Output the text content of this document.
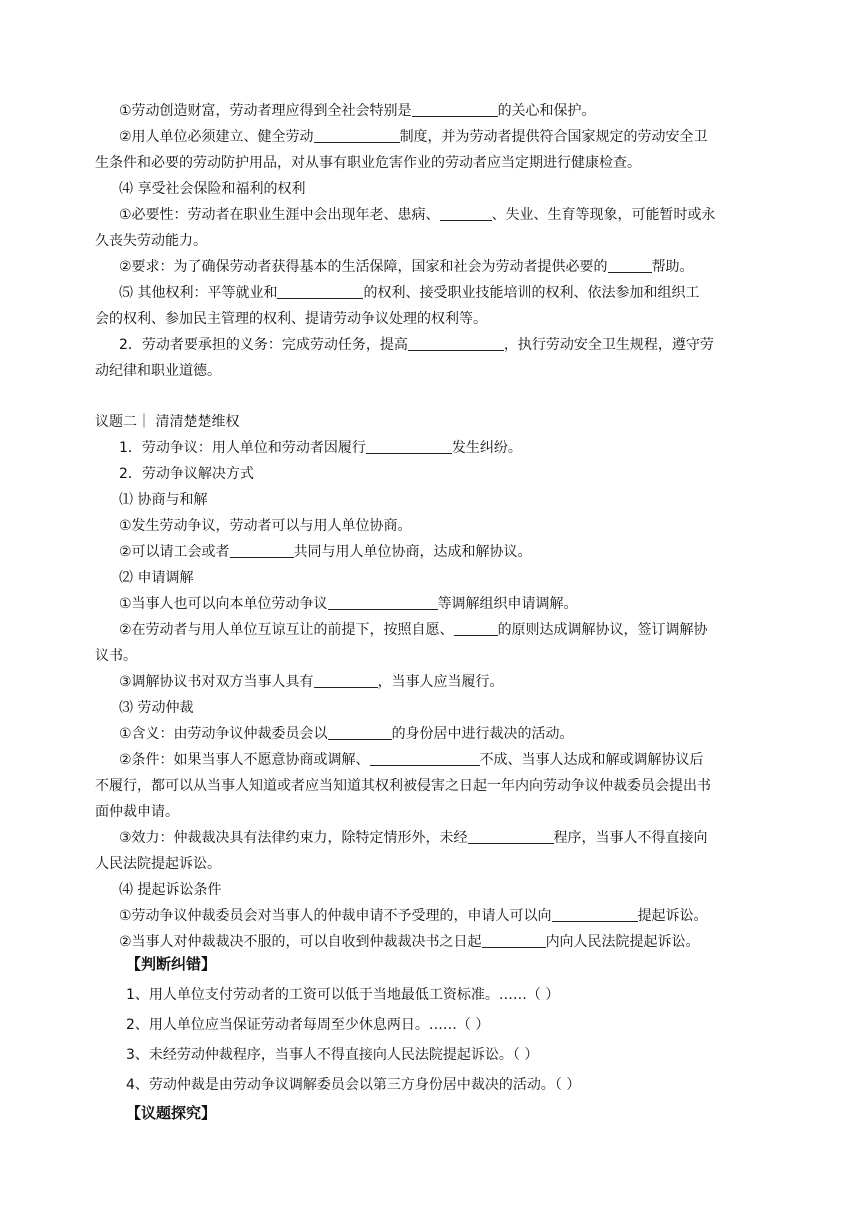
①劳动创造财富，劳动者理应得到全社会特别是	的关心和保护。
②用人单位必须建立、健全劳动	制度，并为劳动者提供符合国家规定的劳动安全卫
生条件和必要的劳动防护用品，对从事有职业危害作业的劳动者应当定期进行健康检查。
⑷ 享受社会保险和福利的权利
①必要性：劳动者在职业生涯中会出现年老、患病、	、失业、生育等现象，可能暂时或永
久丧失劳动能力。
②要求：为了确保劳动者获得基本的生活保障，国家和社会为劳动者提供必要的	帮助。
⑸ 其他权利：平等就业和	的权利、接受职业技能培训的权利、依法参加和组织工
会的权利、参加民主管理的权利、提请劳动争议处理的权利等。
2．劳动者要承担的义务：完成劳动任务，提高	，执行劳动安全卫生规程，遵守劳
动纪律和职业道德。
议题二｜ 清清楚楚维权
1．劳动争议：用人单位和劳动者因履行	发生纠纷。
2．劳动争议解决方式
⑴ 协商与和解
①发生劳动争议，劳动者可以与用人单位协商。
②可以请工会或者	共同与用人单位协商，达成和解协议。
⑵ 申请调解
①当事人也可以向本单位劳动争议	等调解组织申请调解。
②在劳动者与用人单位互谅互让的前提下，按照自愿、	的原则达成调解协议，签订调解协
议书。
③调解协议书对双方当事人具有	，当事人应当履行。
⑶ 劳动仲裁
①含义：由劳动争议仲裁委员会以	的身份居中进行裁决的活动。
②条件：如果当事人不愿意协商或调解、	不成、当事人达成和解或调解协议后
不履行，都可以从当事人知道或者应当知道其权利被侵害之日起一年内向劳动争议仲裁委员会提出书
面仲裁申请。
③效力：仲裁裁决具有法律约束力，除特定情形外，未经	程序，当事人不得直接向
人民法院提起诉讼。
⑷ 提起诉讼条件
①劳动争议仲裁委员会对当事人的仲裁申请不予受理的，申请人可以向	提起诉讼。
②当事人对仲裁裁决不服的，可以自收到仲裁裁决书之日起	内向人民法院提起诉讼。
【判断纠错】
1、用人单位支付劳动者的工资可以低于当地最低工资标准。……（ ）
2、用人单位应当保证劳动者每周至少休息两日。……（ ）
3、未经劳动仲裁程序，当事人不得直接向人民法院提起诉讼。（ ）
4、劳动仲裁是由劳动争议调解委员会以第三方身份居中裁决的活动。（ ）
【议题探究】
